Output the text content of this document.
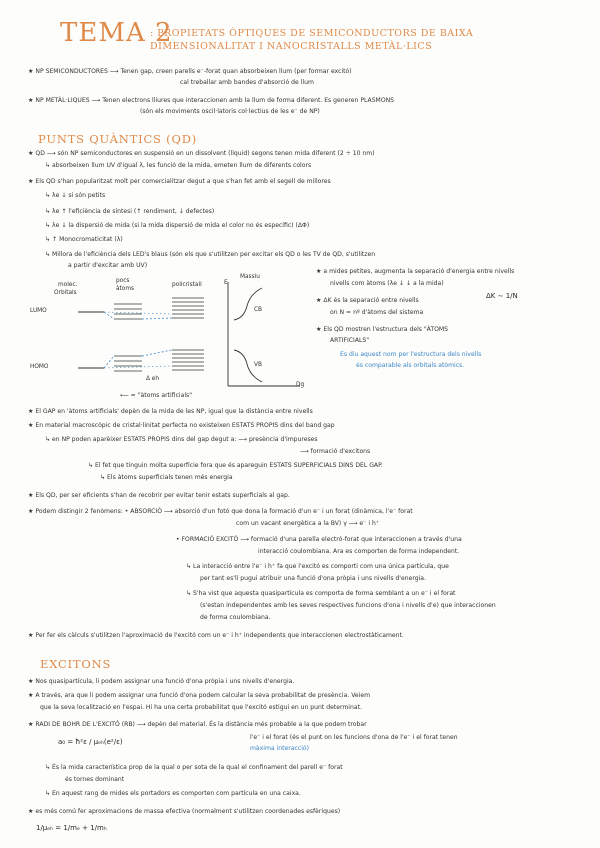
TEMA 2
: PROPIETATS ÒPTIQUES DE SEMICONDUCTORS DE BAIXA
DIMENSIONALITAT I NANOCRISTALLS METÀL·LICS
★ NP SEMICONDUCTORES ⟶ Tenen gap, creen parells e⁻-forat quan absorbeixen llum (per formar excitó)
cal treballar amb bandes d'absorció de llum
★ NP METÀL·LIQUES ⟶ Tenen electrons lliures que interaccionen amb la llum de forma diferent. Es generen PLASMONS
(són els moviments oscil·latoris col·lectius de les e⁻ de NP)
PUNTS QUÀNTICS (QD)
★ QD ⟶ són NP semiconductores en suspensió en un dissolvent (líquid) segons tenen mida diferent (2 ÷ 10 nm)
↳ absorbeixen llum UV d'igual λ, les funció de la mida, emeten llum de diferents colors
★ Els QD s'han popularitzat molt per comercialitzar degut a que s'han fet amb el segell de millores
↳ λe ↓ si són petits
↳ λe ↑ l'eficiència de síntesi (↑ rendiment, ↓ defectes)
↳ λe ↓ la dispersió de mida (si la mida dispersió de mida el color no és específic) (ΔΦ)
↳ ↑ Monocromaticitat (λ)
↳ Millora de l'eficiència dels LED's blaus (són els que s'utilitzen per excitar els QD o les TV de QD, s'utilitzen
a partir d'excitar amb UV)
molec.
Orbitals
pocs
àtoms
policristall
Massiu
LUMO
HOMO
CB
VB
Δ eh
E
Dg
⟵ = "àtoms artificials"
★ a mides petites, augmenta la separació d'energia entre nivells
nivells com àtoms (λe ↓ ↓ a la mida)
★ ΔK és la separació entre nivells
ΔK ∼ 1/N
on N = nº d'àtoms del sistema
★ Els QD mostren l'estructura dels "ÀTOMS
ARTIFICIALS"
Es diu aquest nom per l'estructura dels nivells
és comparable als orbitals atòmics.
★ El GAP en 'àtoms artificials' depèn de la mida de les NP, igual que la distància entre nivells
★ En material macroscòpic de cristal·linitat perfecta no existeixen ESTATS PROPIS dins del band gap
↳ en NP poden aparèixer ESTATS PROPIS dins del gap degut a: ⟶ presència d'impureses
⟶ formació d'excitons
↳ El fet que tinguin molta superfície fora que és apareguin ESTATS SUPERFICIALS DINS DEL GAP.
↳ Els àtoms superficials tenen més energia
★ Els QD, per ser eficients s'han de recobrir per evitar tenir estats superficials al gap.
★ Podem distingir 2 fenòmens: • ABSORCIÓ ⟶ absorció d'un fotó que dona la formació d'un e⁻ i un forat (dinàmica, l'e⁻ forat
com un vacant energètica a la BV) γ ⟶ e⁻ i h⁺
• FORMACIÓ EXCITÓ ⟶ formació d'una parella electró-forat que interaccionen a través d'una
interacció coulombiana. Ara es comporten de forma independent.
↳ La interacció entre l'e⁻ i h⁺ fa que l'excitó es comporti com una única partícula, que
per tant es'lí pugui atribuir una funció d'ona pròpia i uns nivells d'energia.
↳ S'ha vist que aquesta quasipartícula es comporta de forma semblant a un e⁻ i el forat
(s'estan independentes amb les seves respectives funcions d'ona i nivells d'e) que interaccionen
de forma coulombiana.
★ Per fer els càlculs s'utilitzen l'aproximació de l'excitó com un e⁻ i h⁺ independents que interaccionen electrostàticament.
EXCITONS
★ Nos quasipartícula, li podem assignar una funció d'ona pròpia i uns nivells d'energia.
★ A través, ara que li podem assignar una funció d'ona podem calcular la seva probabilitat de presència. Veiem
que la seva localització en l'espai. Hi ha una certa probabilitat que l'excitó estigui en un punt determinat.
★ RADI DE BOHR DE L'EXCITÓ (RB) ⟶ depèn del material. És la distància més probable a la que podem trobar
l'e⁻ i el forat (és el punt on les funcions d'ona de l'e⁻ i el forat tenen
màxima interacció)
a₀ = ħ²ε / μₑₕ(e²/ε)
↳ És la mida característica prop de la qual o per sota de la qual el confinament del parell e⁻ forat
és tornes dominant
↳ En aquest rang de mides els portadors es comporten com partícula en una caixa.
★ es més comú fer aproximacions de massa efectiva (normalment s'utilitzen coordenades esfèriques)
1/μₑₕ = 1/mₑ + 1/mₕ
